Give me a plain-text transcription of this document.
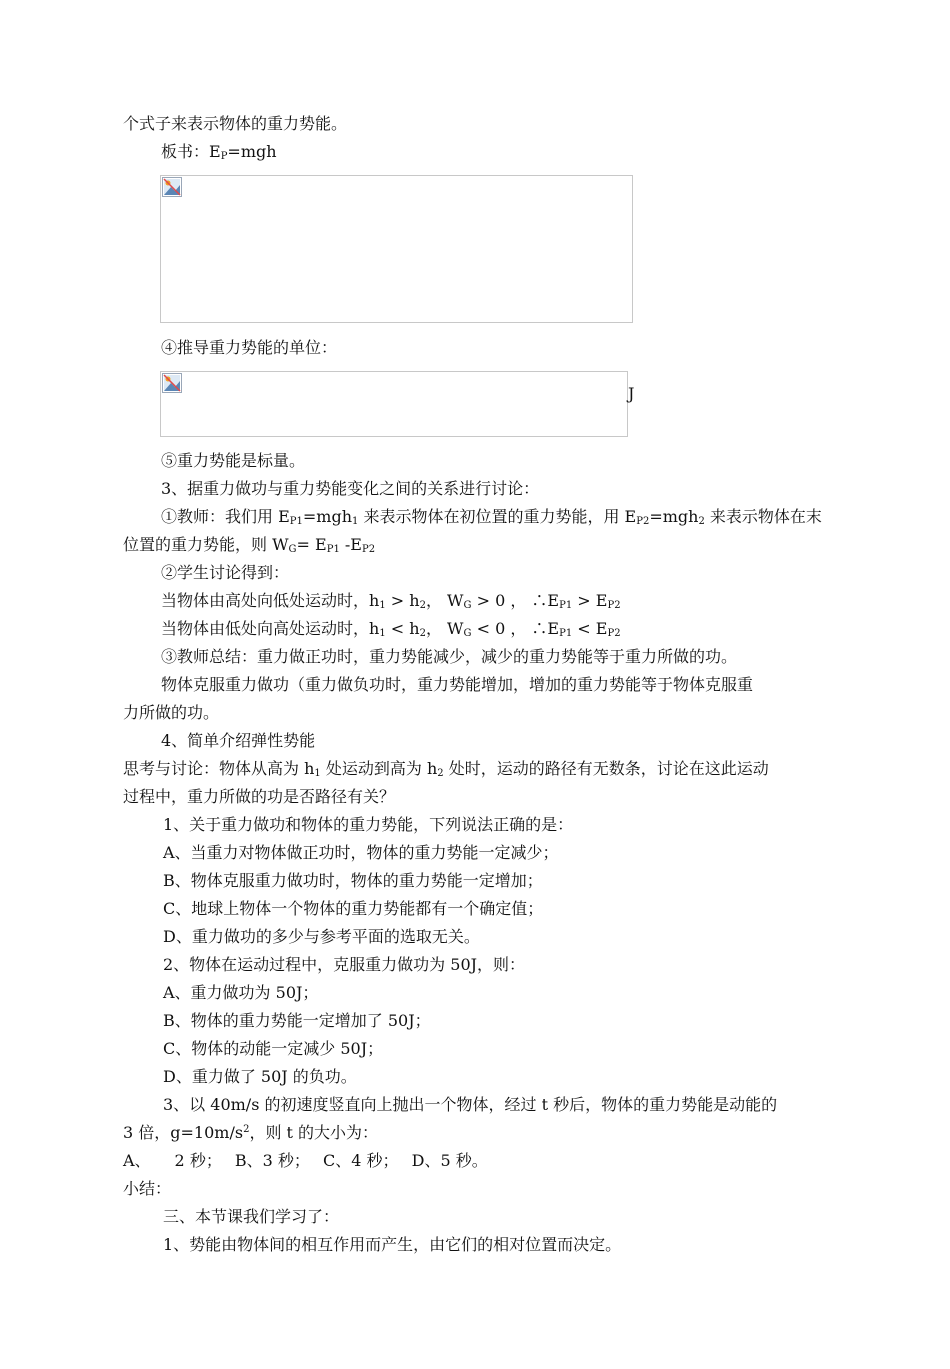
个式子来表示物体的重力势能。
板书：$E_P=mgh$
④推导重力势能的单位：
J
⑤重力势能是标量。
3、据重力做功与重力势能变化之间的关系进行讨论：
①教师：我们用 $E_{P1}=mgh_1$ 来表示物体在初位置的重力势能，用 $E_{P2}=mgh_2$ 来表示物体在末
位置的重力势能，则 $W_G= E_{P1}$ $-E_{P2}$
②学生讨论得到：
当物体由高处向低处运动时，$h_1 > h_2$， $W_G > 0$ ， $\therefore E_{P1} > E_{P2}$
当物体由低处向高处运动时，$h_1 < h_2$， $W_G < 0$ ， $\therefore E_{P1} < E_{P2}$
③教师总结：重力做正功时，重力势能减少，减少的重力势能等于重力所做的功。
物体克服重力做功（重力做负功时，重力势能增加，增加的重力势能等于物体克服重
力所做的功。
4、简单介绍弹性势能
思考与讨论：物体从高为 $h_1$ 处运动到高为 $h_2$ 处时，运动的路径有无数条，讨论在这此运动
过程中，重力所做的功是否路径有关？
1、关于重力做功和物体的重力势能，下列说法正确的是：
A、当重力对物体做正功时，物体的重力势能一定减少；
B、物体克服重力做功时，物体的重力势能一定增加；
C、地球上物体一个物体的重力势能都有一个确定值；
D、重力做功的多少与参考平面的选取无关。
2、物体在运动过程中，克服重力做功为 50J，则：
A、重力做功为 50J；
B、物体的重力势能一定增加了 50J；
C、物体的动能一定减少 50J；
D、重力做了 50J 的负功。
3、以 40m/s 的初速度竖直向上抛出一个物体，经过 t 秒后，物体的重力势能是动能的
3 倍，$g=10m/s^2$，则 t 的大小为：
A、　　2 秒；　 B、3 秒；　 C、4 秒；　 D、5 秒。
小结：
三、本节课我们学习了：
1、势能由物体间的相互作用而产生，由它们的相对位置而决定。
